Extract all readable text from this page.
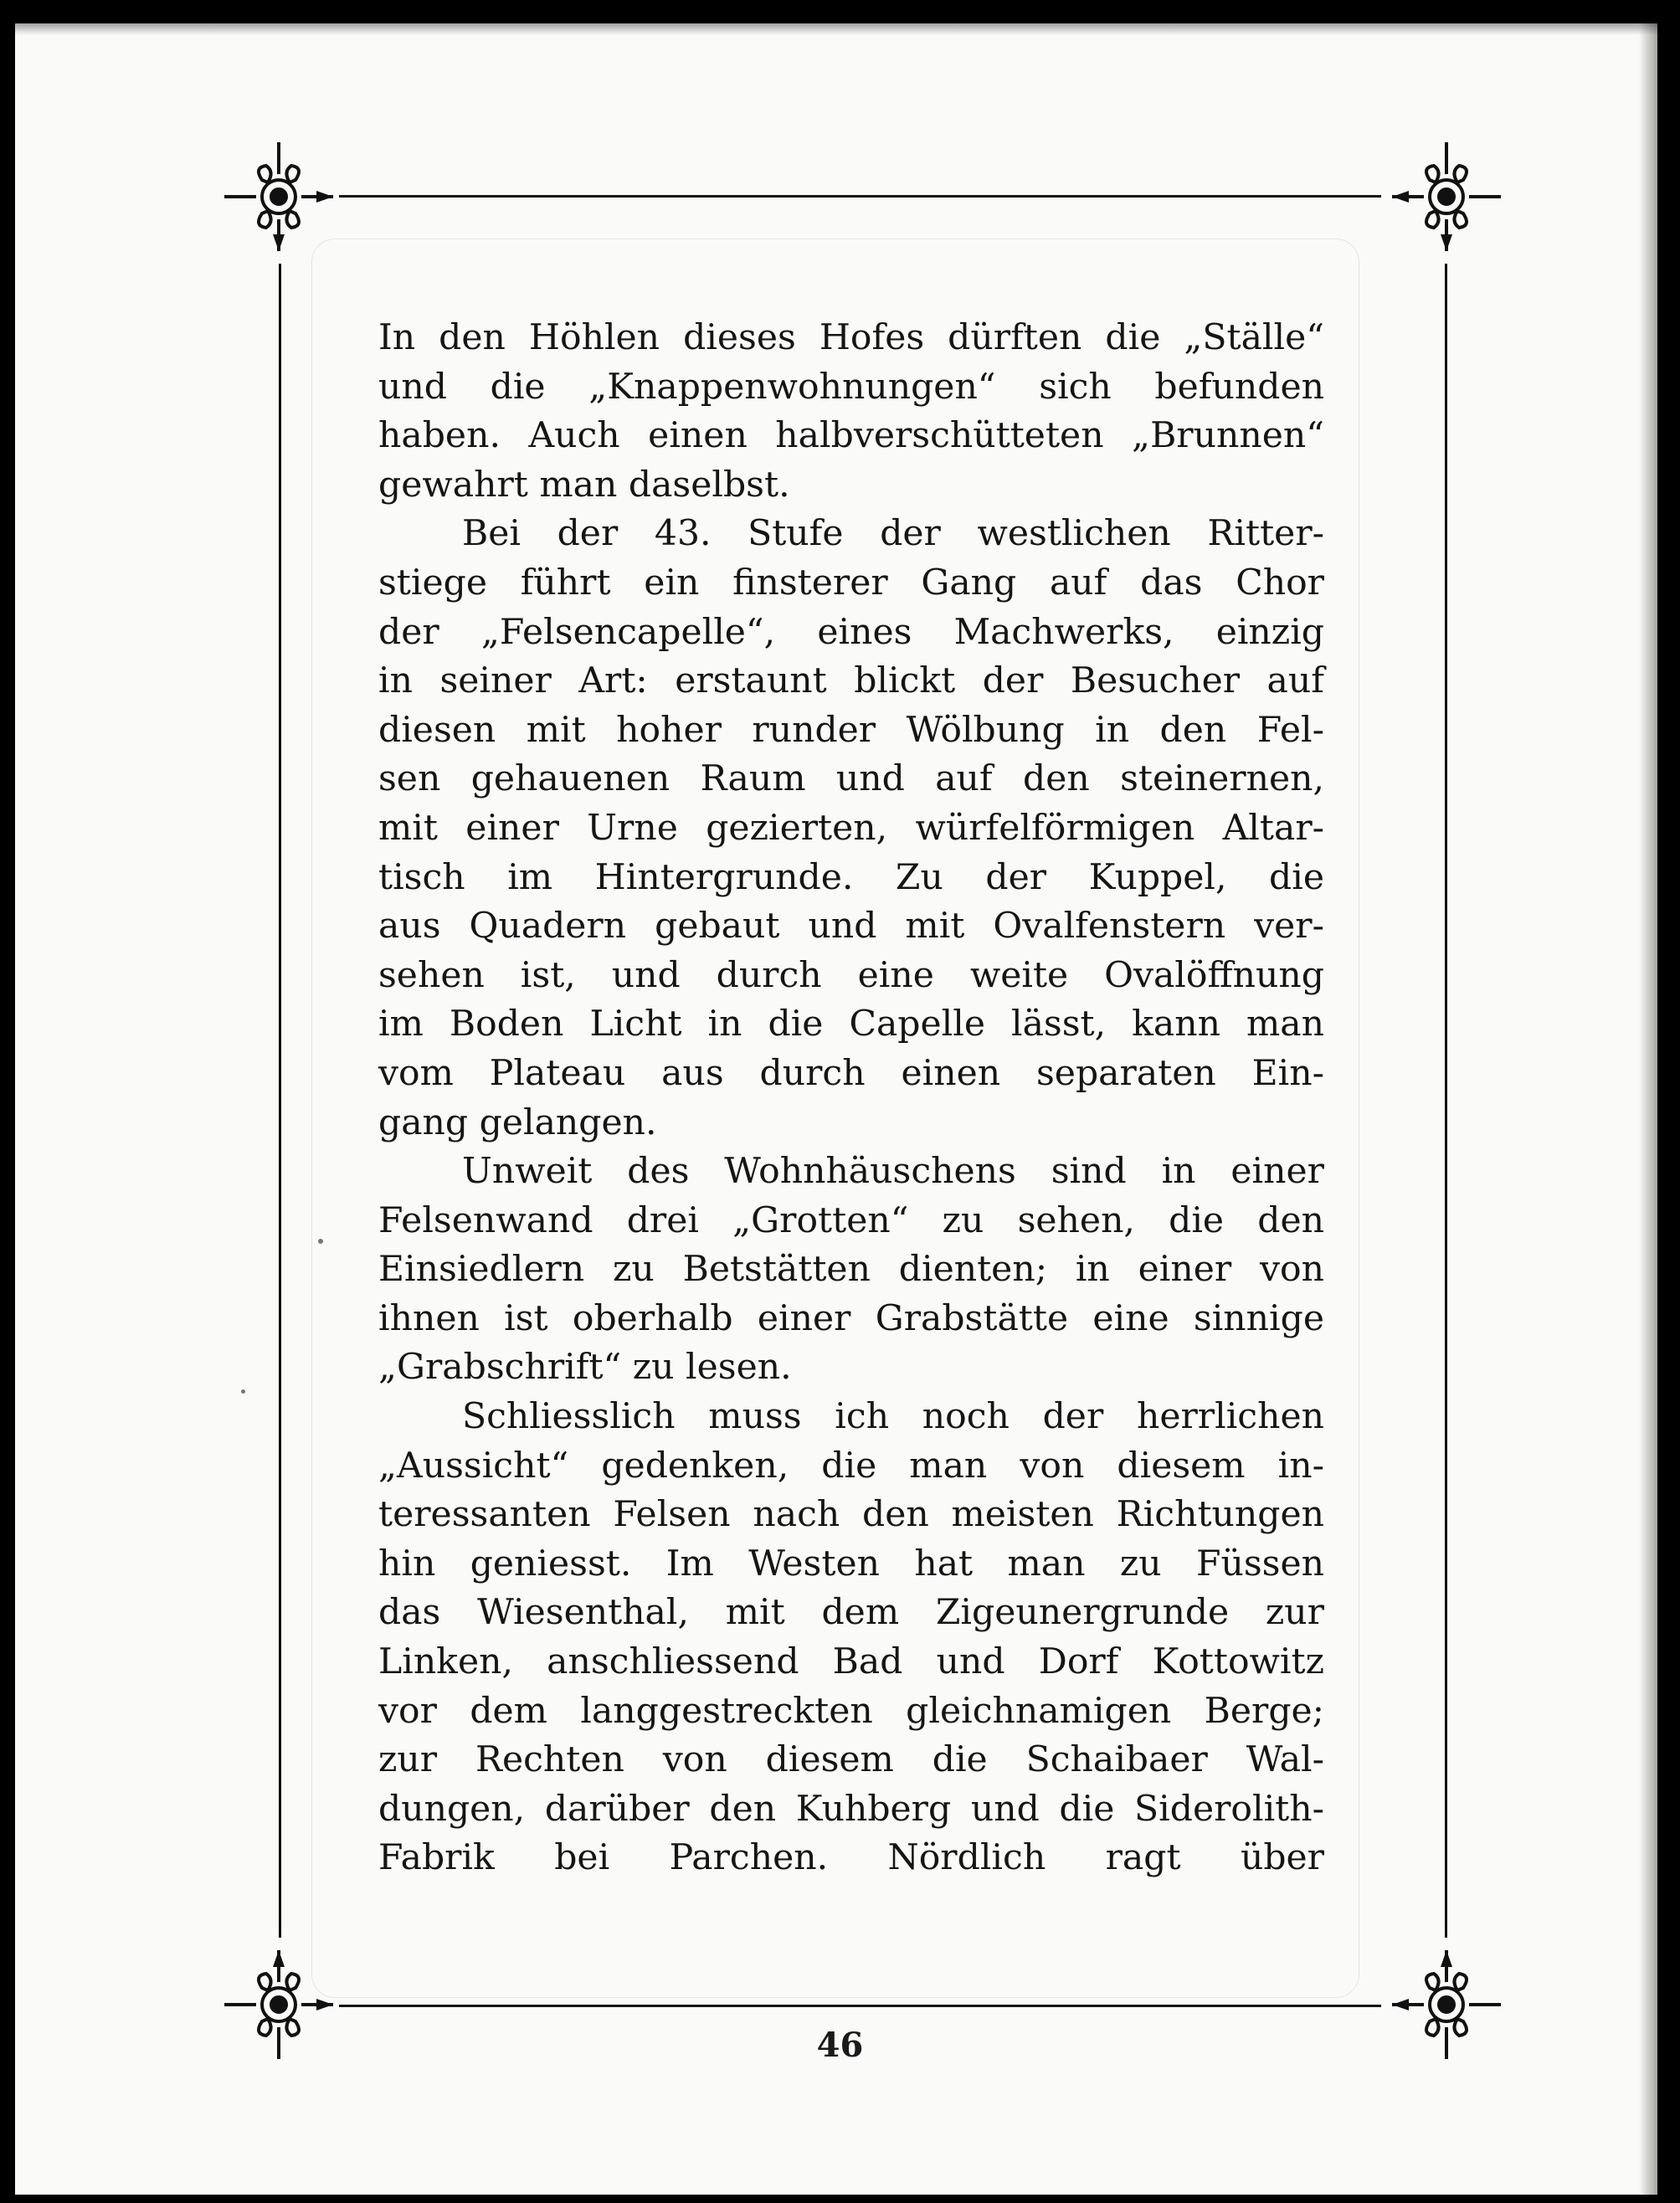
In den Höhlen dieses Hofes dürften die „Ställe“
und die „Knappenwohnungen“ sich befunden
haben. Auch einen halbverschütteten „Brunnen“
gewahrt man daselbst.
Bei der 43. Stufe der westlichen Ritter-
stiege führt ein finsterer Gang auf das Chor
der „Felsencapelle“, eines Machwerks, einzig
in seiner Art: erstaunt blickt der Besucher auf
diesen mit hoher runder Wölbung in den Fel-
sen gehauenen Raum und auf den steinernen,
mit einer Urne gezierten, würfelförmigen Altar-
tisch im Hintergrunde. Zu der Kuppel, die
aus Quadern gebaut und mit Ovalfenstern ver-
sehen ist, und durch eine weite Ovalöffnung
im Boden Licht in die Capelle lässt, kann man
vom Plateau aus durch einen separaten Ein-
gang gelangen.
Unweit des Wohnhäuschens sind in einer
Felsenwand drei „Grotten“ zu sehen, die den
Einsiedlern zu Betstätten dienten; in einer von
ihnen ist oberhalb einer Grabstätte eine sinnige
„Grabschrift“ zu lesen.
Schliesslich muss ich noch der herrlichen
„Aussicht“ gedenken, die man von diesem in-
teressanten Felsen nach den meisten Richtungen
hin geniesst. Im Westen hat man zu Füssen
das Wiesenthal, mit dem Zigeunergrunde zur
Linken, anschliessend Bad und Dorf Kottowitz
vor dem langgestreckten gleichnamigen Berge;
zur Rechten von diesem die Schaibaer Wal-
dungen, darüber den Kuhberg und die Siderolith-
Fabrik bei Parchen. Nördlich ragt über
46
